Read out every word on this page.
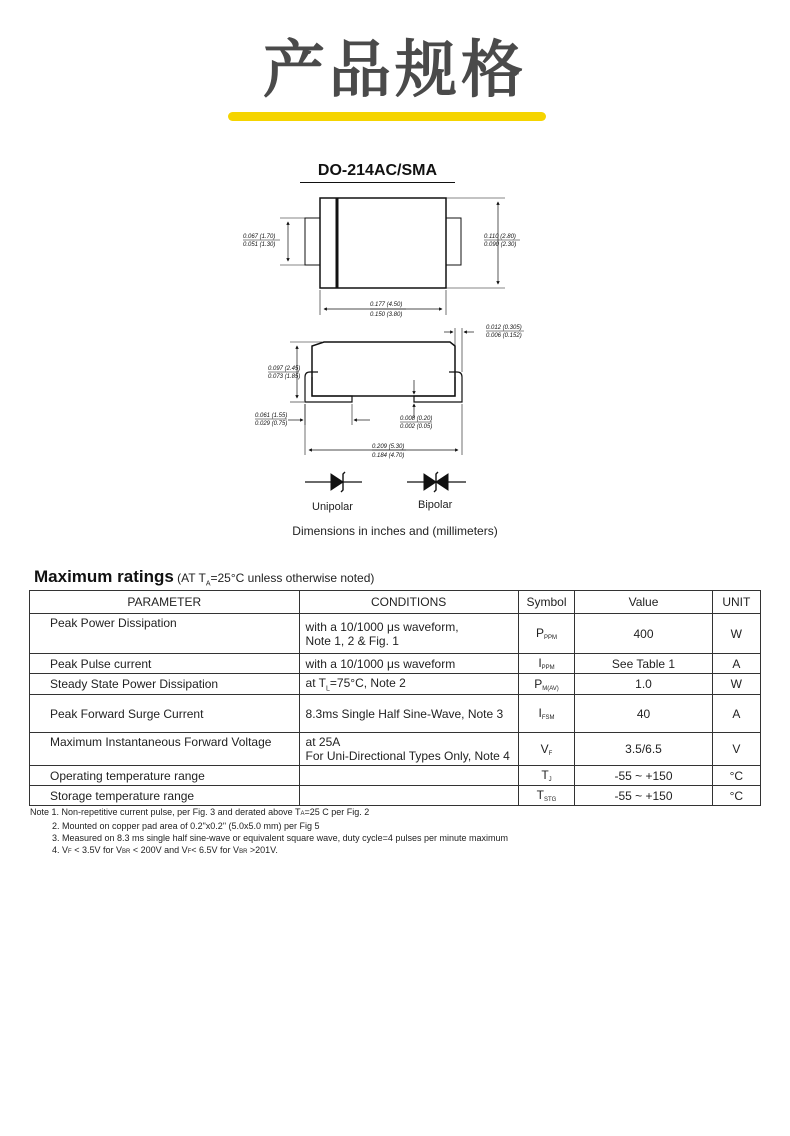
产品规格
DO-214AC/SMA
0.067 (1.70)
0.051 (1.30)
0.110 (2.80)
0.090 (2.30)
0.177 (4.50)
0.150 (3.80)
0.012 (0.305)
0.006 (0.152)
0.097 (2.45)
0.073 (1.85)
0.061 (1.55)
0.029 (0.75)
0.008 (0.20)
0.002 (0.05)
0.209 (5.30)
0.184 (4.70)
Unipolar	Bipolar
Dimensions in inches and (millimeters)
Maximum ratings (AT $T_A=25^\circ C$ unless otherwise noted)
PARAMETER	CONDITIONS	Symbol	Value	UNIT
Peak Power Dissipation	with a 10/1000 μs waveform,
Note 1, 2 & Fig. 1	PPPM	400	W
Peak Pulse current	with a 10/1000 μs waveform	IPPM	See Table 1	A
Steady State Power Dissipation	at $T_L=75^\circ C$, Note 2	PM(AV)	1.0	W
Peak Forward Surge Current	8.3ms Single Half Sine-Wave, Note 3	IFSM	40	A
Maximum Instantaneous Forward Voltage	at 25A
For Uni-Directional Types Only, Note 4	VF	3.5/6.5	V
Operating temperature range		TJ	-55 ~ +150	°C
Storage temperature range		TSTG	-55 ~ +150	°C
Note 1. Non-repetitive current pulse, per Fig. 3 and derated above TA=25 C per Fig. 2
2. Mounted on copper pad area of 0.2"x0.2" (5.0x5.0 mm) per Fig 5
3. Measured on 8.3 ms single half sine-wave or equivalent square wave, duty cycle=4 pulses per minute maximum
4. VF < 3.5V for VBR < 200V and VF< 6.5V for VBR >201V.
